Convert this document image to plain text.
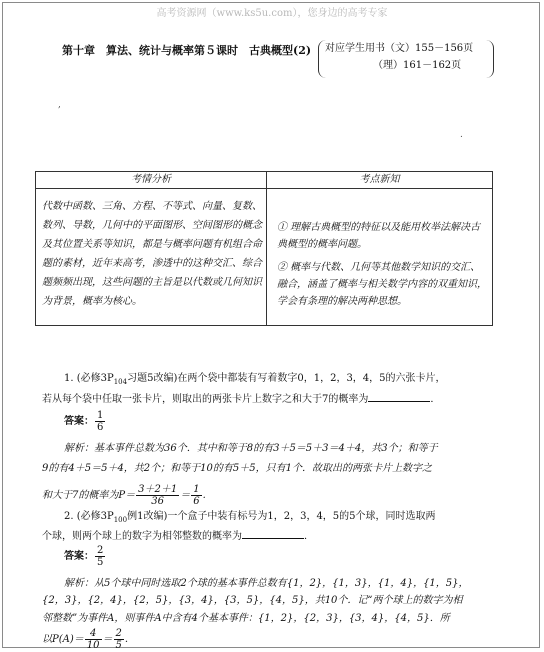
高考资源网（www.ks5u.com），您身边的高考专家
第十章　算法、统计与概率第５课时　古典概型(2) 对应学生用书（文）155－156页
（理）161－162页
,
.
考情分析	考点新知
代数中函数、三角、方程、不等式、向量、复数、数列、导数，几何中的平面图形、空间图形的概念及其位置关系等知识，都是与概率问题有机组合命题的素材，近年来高考，渗透中的这种交汇、综合题频频出现，这些问题的主旨是以代数或几何知识为背景，概率为核心。	① 理解古典概型的特征以及能用枚举法解决古典概型的概率问题。

② 概率与代数、几何等其他数学知识的交汇、融合，涵盖了概率与相关数学内容的双重知识，学会有条理的解决两种思想。

1. (必修$3P_{104}$习题5改编)在两个袋中都装有写着数字0，1，2，3，4，5的六张卡片，
若从每个袋中任取一张卡片，则取出的两张卡片上数字之和大于7的概率为	．
答案： $\frac{1}{6}$
解析：基本事件总数为36个．其中和等于8的有3＋5＝5＋3＝4＋4，共3个；和等于
9的有4＋5＝5＋4，共2个；和等于10的有5＋5，只有1个．故取出的两张卡片上数字之
和大于7的概率为$P= \frac{3+2+1}{36} = \frac{1}{6}$ .
2. (必修$3P_{100}$例1改编)一个盒子中装有标号为1，2，3，4，5的5个球，同时选取两
个球，则两个球上的数字为相邻整数的概率为	．
答案： $\frac{2}{5}$
解析：从5个球中同时选取2个球的基本事件总数有{1，2}，{1，3}，{1，4}，{1，5}，
{2，3}，{2，4}，{2，5}，{3，4}，{3，5}，{4，5}，共10个．记“两个球上的数字为相
邻整数”为事件A，则事件A中含有4个基本事件：{1，2}，{2，3}，{3，4}，{4，5}．所
以$P(A)= \frac{4}{10} = \frac{2}{5}$ .
